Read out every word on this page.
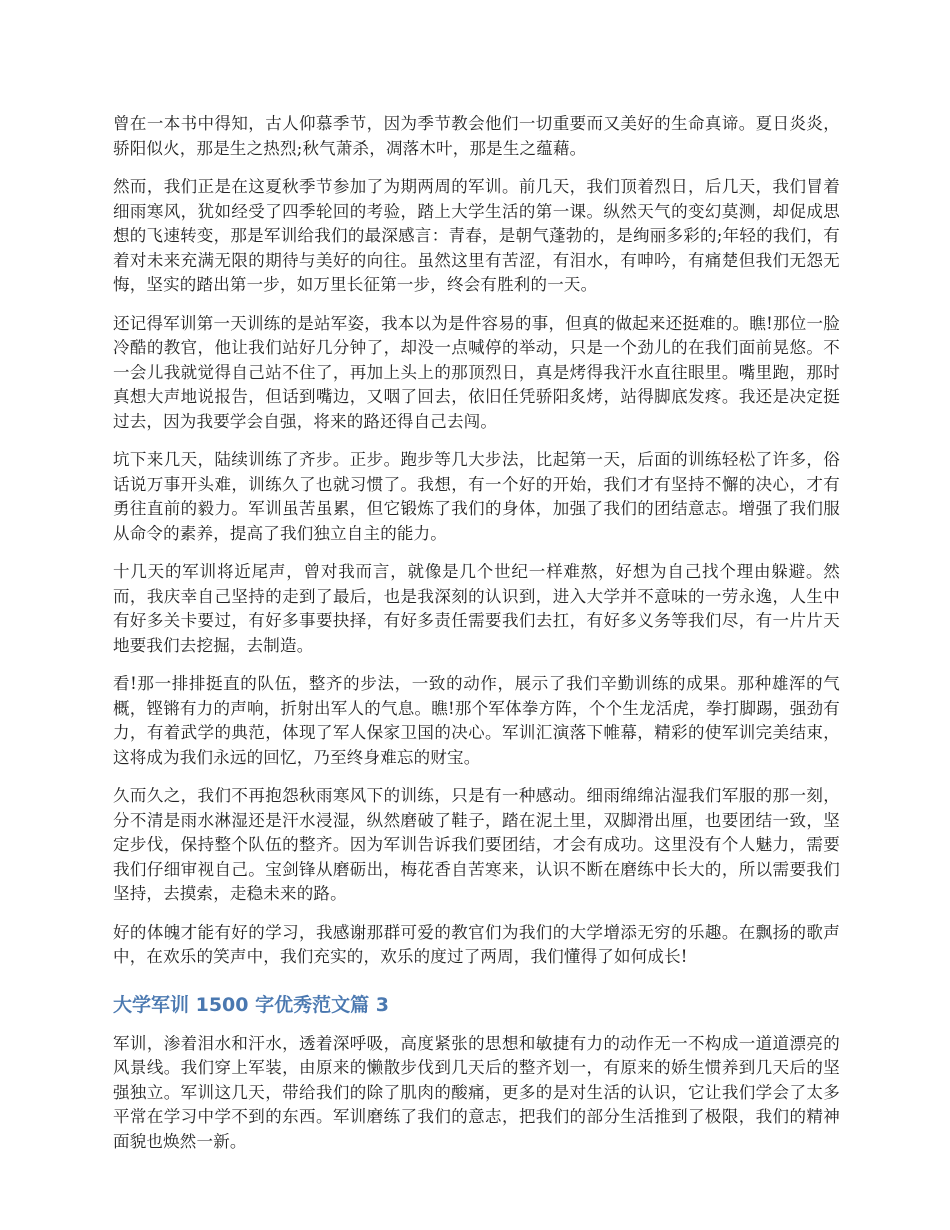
曾在一本书中得知，古人仰慕季节，因为季节教会他们一切重要而又美好的生命真谛。夏日炎炎，骄阳似火，那是生之热烈;秋气萧杀，凋落木叶，那是生之蕴藉。

然而，我们正是在这夏秋季节参加了为期两周的军训。前几天，我们顶着烈日，后几天，我们冒着细雨寒风，犹如经受了四季轮回的考验，踏上大学生活的第一课。纵然天气的变幻莫测，却促成思想的飞速转变，那是军训给我们的最深感言：青春，是朝气蓬勃的，是绚丽多彩的;年轻的我们，有着对未来充满无限的期待与美好的向往。虽然这里有苦涩，有泪水，有呻吟，有痛楚但我们无怨无悔，坚实的踏出第一步，如万里长征第一步，终会有胜利的一天。

还记得军训第一天训练的是站军姿，我本以为是件容易的事，但真的做起来还挺难的。瞧!那位一脸冷酷的教官，他让我们站好几分钟了，却没一点喊停的举动，只是一个劲儿的在我们面前晃悠。不一会儿我就觉得自己站不住了，再加上头上的那顶烈日，真是烤得我汗水直往眼里。嘴里跑，那时真想大声地说报告，但话到嘴边，又咽了回去，依旧任凭骄阳炙烤，站得脚底发疼。我还是决定挺过去，因为我要学会自强，将来的路还得自己去闯。

坑下来几天，陆续训练了齐步。正步。跑步等几大步法，比起第一天，后面的训练轻松了许多，俗话说万事开头难，训练久了也就习惯了。我想，有一个好的开始，我们才有坚持不懈的决心，才有勇往直前的毅力。军训虽苦虽累，但它锻炼了我们的身体，加强了我们的团结意志。增强了我们服从命令的素养，提高了我们独立自主的能力。

十几天的军训将近尾声，曾对我而言，就像是几个世纪一样难熬，好想为自己找个理由躲避。然而，我庆幸自己坚持的走到了最后，也是我深刻的认识到，进入大学并不意味的一劳永逸，人生中有好多关卡要过，有好多事要抉择，有好多责任需要我们去扛，有好多义务等我们尽，有一片片天地要我们去挖掘，去制造。

看!那一排排挺直的队伍，整齐的步法，一致的动作，展示了我们辛勤训练的成果。那种雄浑的气概，铿锵有力的声响，折射出军人的气息。瞧!那个军体拳方阵，个个生龙活虎，拳打脚踢，强劲有力，有着武学的典范，体现了军人保家卫国的决心。军训汇演落下帷幕，精彩的使军训完美结束，这将成为我们永远的回忆，乃至终身难忘的财宝。

久而久之，我们不再抱怨秋雨寒风下的训练，只是有一种感动。细雨绵绵沾湿我们军服的那一刻，分不清是雨水淋湿还是汗水浸湿，纵然磨破了鞋子，踏在泥土里，双脚滑出厘，也要团结一致，坚定步伐，保持整个队伍的整齐。因为军训告诉我们要团结，才会有成功。这里没有个人魅力，需要我们仔细审视自己。宝剑锋从磨砺出，梅花香自苦寒来，认识不断在磨练中长大的，所以需要我们坚持，去摸索，走稳未来的路。

好的体魄才能有好的学习，我感谢那群可爱的教官们为我们的大学增添无穷的乐趣。在飘扬的歌声中，在欢乐的笑声中，我们充实的，欢乐的度过了两周，我们懂得了如何成长!

大学军训 1500 字优秀范文篇 3

军训，渗着泪水和汗水，透着深呼吸，高度紧张的思想和敏捷有力的动作无一不构成一道道漂亮的风景线。我们穿上军装，由原来的懒散步伐到几天后的整齐划一，有原来的娇生惯养到几天后的坚强独立。军训这几天，带给我们的除了肌肉的酸痛，更多的是对生活的认识，它让我们学会了太多平常在学习中学不到的东西。军训磨练了我们的意志，把我们的部分生活推到了极限，我们的精神面貌也焕然一新。
